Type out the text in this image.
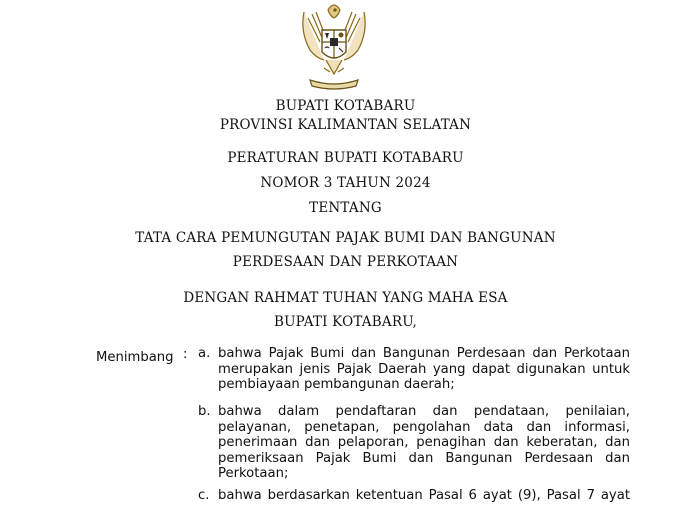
BUPATI KOTABARU
PROVINSI KALIMANTAN SELATAN
PERATURAN BUPATI KOTABARU
NOMOR 3 TAHUN 2024
TENTANG
TATA CARA PEMUNGUTAN PAJAK BUMI DAN BANGUNAN
PERDESAAN DAN PERKOTAAN
DENGAN RAHMAT TUHAN YANG MAHA ESA
BUPATI KOTABARU,
Menimbang : a. bahwa Pajak Bumi dan Bangunan Perdesaan dan Perkotaan
merupakan jenis Pajak Daerah yang dapat digunakan untuk
pembiayaan pembangunan daerah;
b. bahwa dalam pendaftaran dan pendataan, penilaian,
pelayanan, penetapan, pengolahan data dan informasi,
penerimaan dan pelaporan, penagihan dan keberatan, dan
pemeriksaan Pajak Bumi dan Bangunan Perdesaan dan
Perkotaan;
c. bahwa berdasarkan ketentuan Pasal 6 ayat (9), Pasal 7 ayat
